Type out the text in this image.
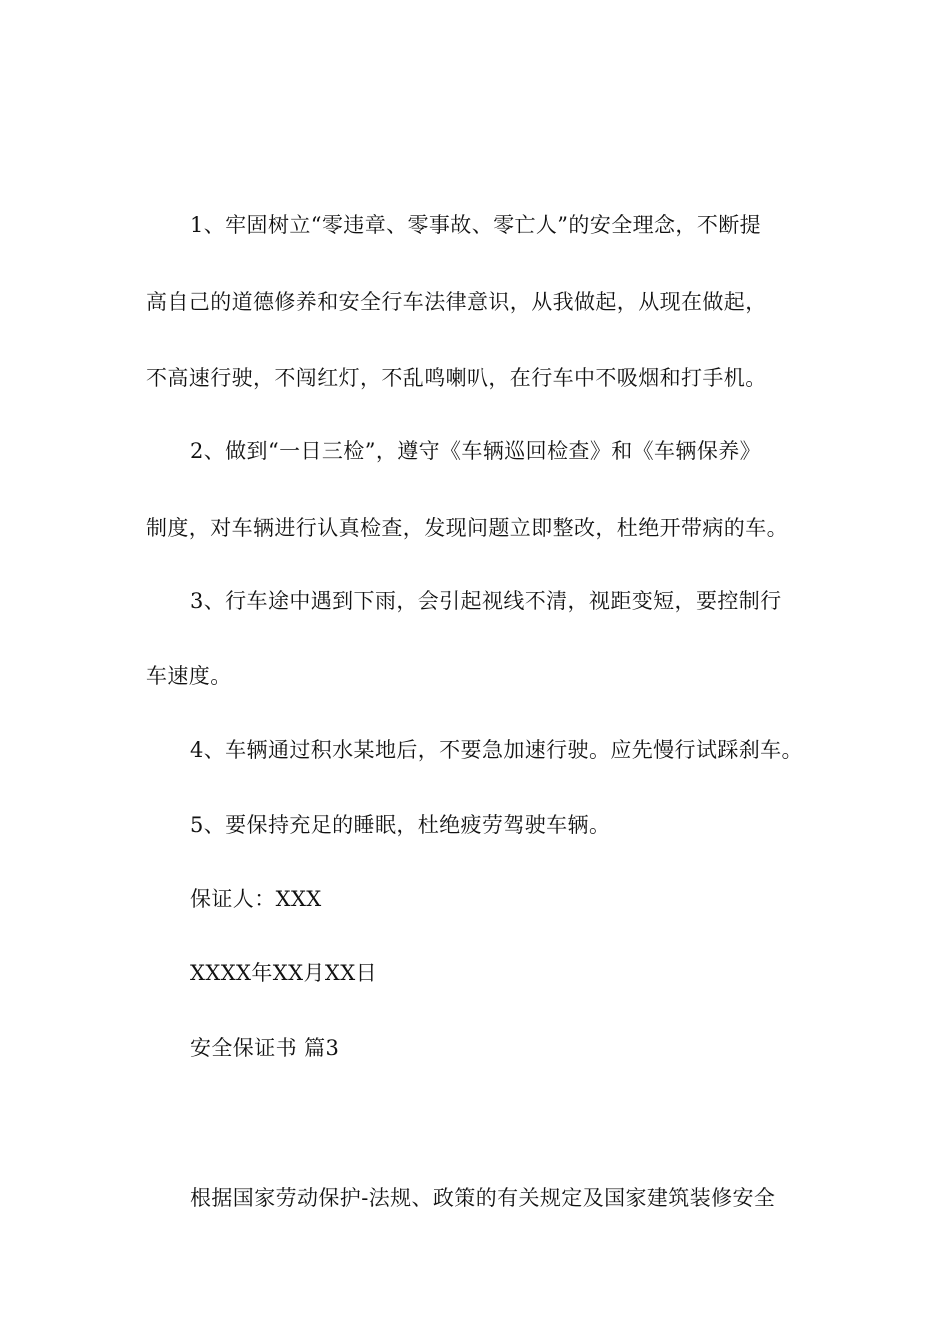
1、牢固树立“零违章、零事故、零亡人”的安全理念，不断提
高自己的道德修养和安全行车法律意识，从我做起，从现在做起，
不高速行驶，不闯红灯，不乱鸣喇叭，在行车中不吸烟和打手机。
2、做到“一日三检”，遵守《车辆巡回检查》和《车辆保养》
制度，对车辆进行认真检查，发现问题立即整改，杜绝开带病的车。
3、行车途中遇到下雨，会引起视线不清，视距变短，要控制行
车速度。
4、车辆通过积水某地后，不要急加速行驶。应先慢行试踩刹车。
5、要保持充足的睡眠，杜绝疲劳驾驶车辆。
保证人：XXX
XXXX年XX月XX日
安全保证书 篇3
根据国家劳动保护-法规、政策的有关规定及国家建筑装修安全
